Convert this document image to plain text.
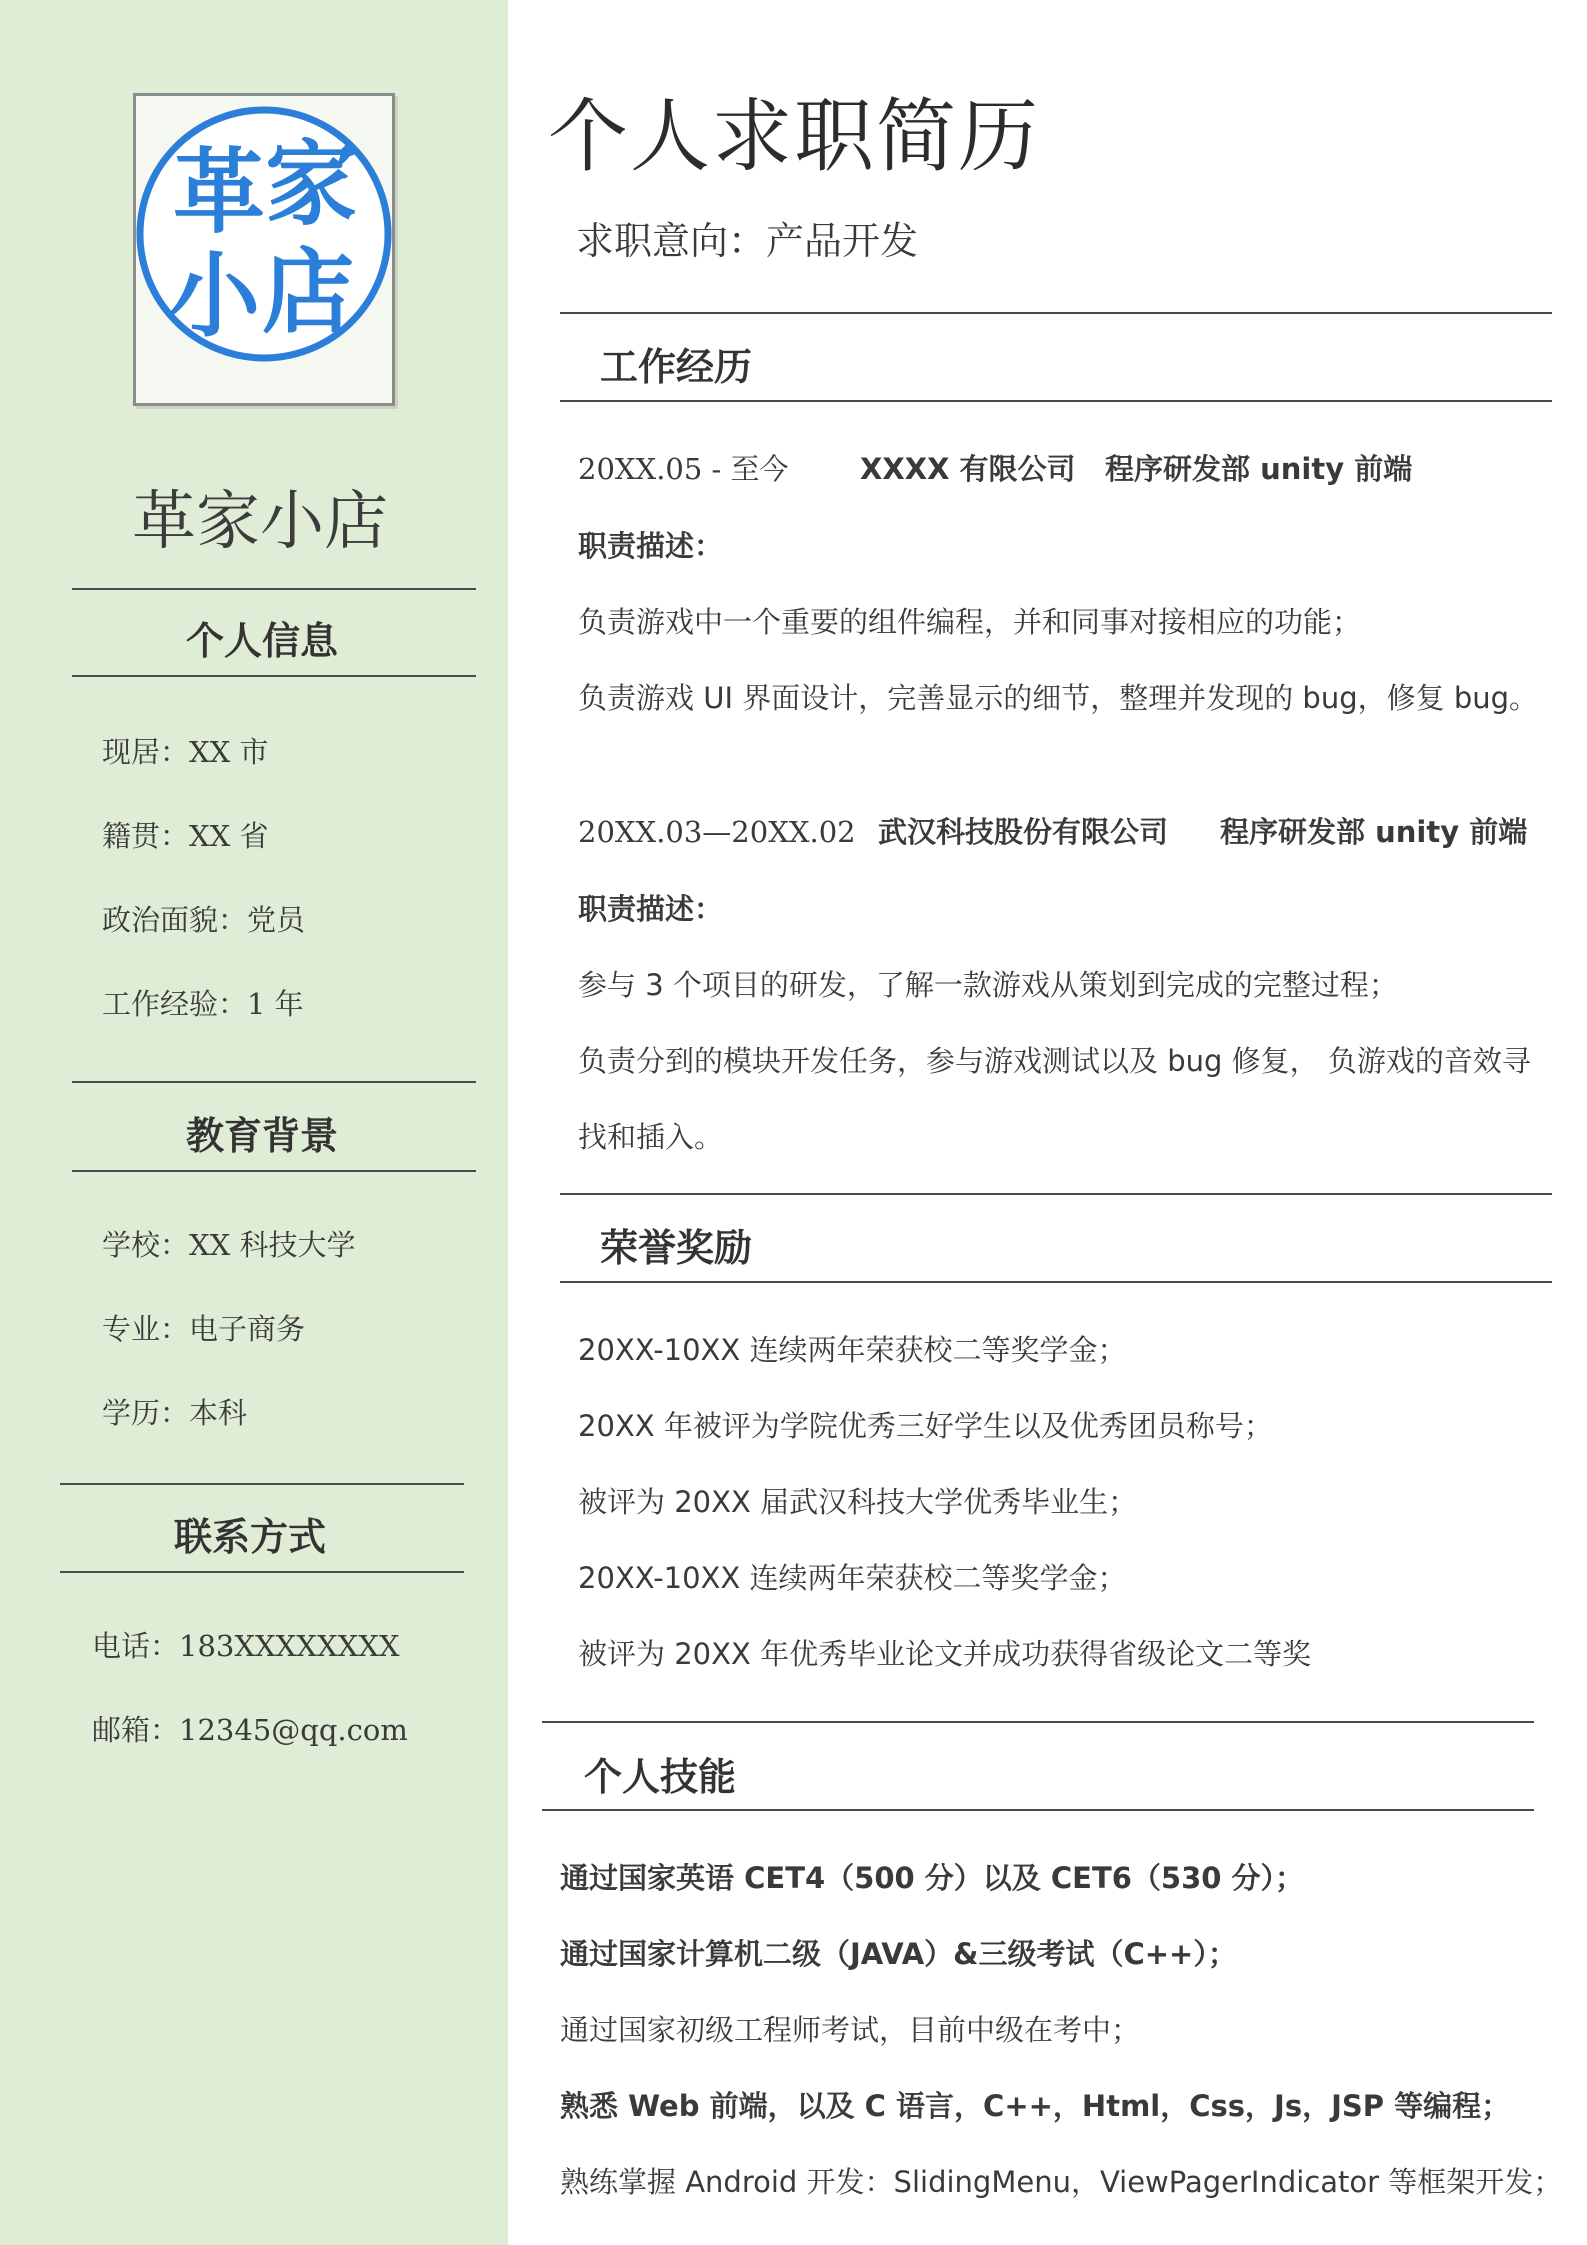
革 家
小 店
革家小店
个人信息
现居：XX 市
籍贯：XX 省
政治面貌：党员
工作经验：1 年
教育背景
学校：XX 科技大学
专业：电子商务
学历：本科
联系方式
电话：183XXXXXXXX
邮箱：12345@qq.com
个人求职简历
求职意向：产品开发
工作经历
20XX.05 - 至今 XXXX 有限公司 程序研发部 unity 前端
职责描述：
负责游戏中一个重要的组件编程，并和同事对接相应的功能；
负责游戏 UI 界面设计，完善显示的细节，整理并发现的 bug，修复 bug。
20XX.03—20XX.02 武汉科技股份有限公司 程序研发部 unity 前端
职责描述：
参与 3 个项目的研发，了解一款游戏从策划到完成的完整过程；
负责分到的模块开发任务，参与游戏测试以及 bug 修复， 负游戏的音效寻
找和插入。
荣誉奖励
20XX-10XX 连续两年荣获校二等奖学金；
20XX 年被评为学院优秀三好学生以及优秀团员称号；
被评为 20XX 届武汉科技大学优秀毕业生；
20XX-10XX 连续两年荣获校二等奖学金；
被评为 20XX 年优秀毕业论文并成功获得省级论文二等奖
个人技能
通过国家英语 CET4（500 分）以及 CET6（530 分）；
通过国家计算机二级（JAVA）&三级考试（C++）；
通过国家初级工程师考试，目前中级在考中；
熟悉 Web 前端，以及 C 语言，C++，Html，Css，Js，JSP 等编程；
熟练掌握 Android 开发：SlidingMenu，ViewPagerIndicator 等框架开发；
